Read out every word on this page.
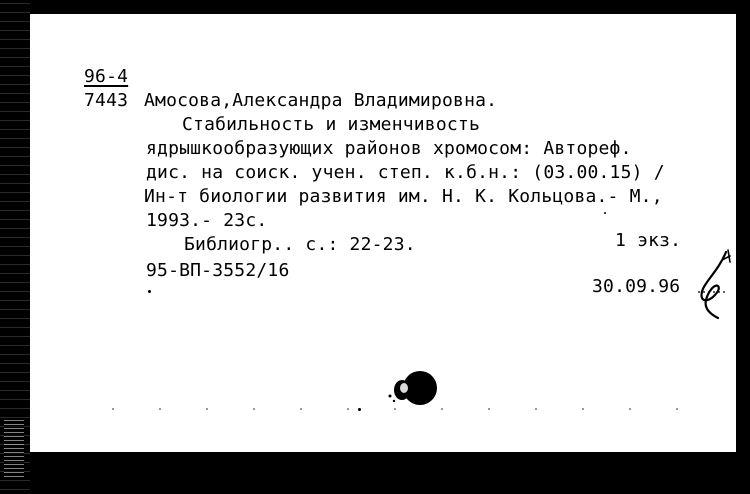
96-4
7443 Амосова,Александра Владимировна.
Стабильность и изменчивость
ядрышкообразующих районов хромосом: Автореф.
дис. на соиск. учен. степ. к.б.н.: (03.00.15) /
Ин-т биологии развития им. Н. К. Кольцова.- М.,
1993.- 23с.
Библиогр.. с.: 22-23.	1 экз.
95-ВП-3552/16
30.09.96
